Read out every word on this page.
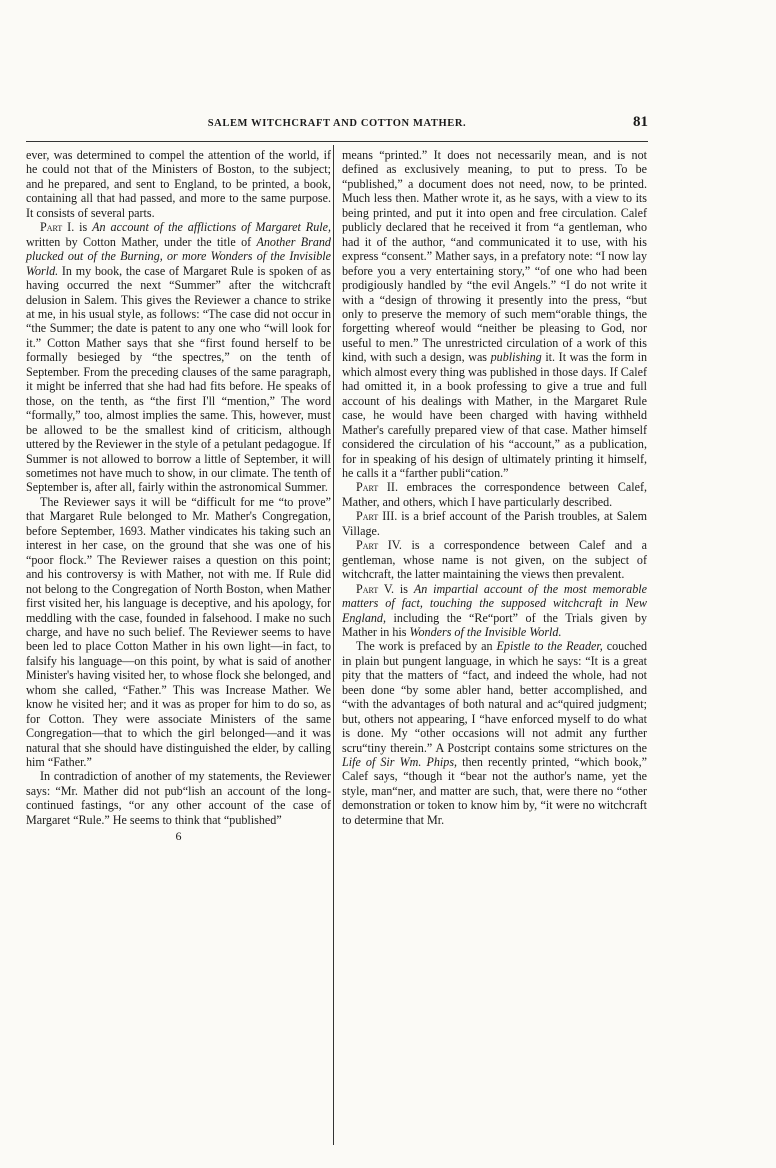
SALEM WITCHCRAFT AND COTTON MATHER.	81

ever, was determined to compel the attention of the world, if he could not that of the Ministers of Boston, to the subject; and he prepared, and sent to England, to be printed, a book, containing all that had passed, and more to the same purpose. It consists of several parts.

Part I. is An account of the afflictions of Margaret Rule, written by Cotton Mather, under the title of Another Brand plucked out of the Burning, or more Wonders of the Invisible World. In my book, the case of Margaret Rule is spoken of as having occurred the next “Summer” after the witchcraft delusion in Salem. This gives the Reviewer a chance to strike at me, in his usual style, as follows: “The case did not occur in “the Summer; the date is patent to any one who “will look for it.” Cotton Mather says that she “first found herself to be formally besieged by “the spectres,” on the tenth of September. From the preceding clauses of the same paragraph, it might be inferred that she had had fits before. He speaks of those, on the tenth, as “the first I'll “mention,” The word “formally,” too, almost implies the same. This, however, must be allowed to be the smallest kind of criticism, although uttered by the Reviewer in the style of a petulant pedagogue. If Summer is not allowed to borrow a little of September, it will sometimes not have much to show, in our climate. The tenth of September is, after all, fairly within the astronomical Summer.

The Reviewer says it will be “difficult for me “to prove” that Margaret Rule belonged to Mr. Mather's Congregation, before September, 1693. Mather vindicates his taking such an interest in her case, on the ground that she was one of his “poor flock.” The Reviewer raises a question on this point; and his controversy is with Mather, not with me. If Rule did not belong to the Congregation of North Boston, when Mather first visited her, his language is deceptive, and his apology, for meddling with the case, founded in falsehood. I make no such charge, and have no such belief. The Reviewer seems to have been led to place Cotton Mather in his own light—in fact, to falsify his language—on this point, by what is said of another Minister's having visited her, to whose flock she belonged, and whom she called, “Father.” This was Increase Mather. We know he visited her; and it was as proper for him to do so, as for Cotton. They were associate Ministers of the same Congregation—that to which the girl belonged—and it was natural that she should have distinguished the elder, by calling him “Father.”

In contradiction of another of my statements, the Reviewer says: “Mr. Mather did not pub“lish an account of the long-continued fastings, “or any other account of the case of Margaret “Rule.” He seems to think that “published”

6

means “printed.” It does not necessarily mean, and is not defined as exclusively meaning, to put to press. To be “published,” a document does not need, now, to be printed. Much less then. Mather wrote it, as he says, with a view to its being printed, and put it into open and free circulation. Calef publicly declared that he received it from “a gentleman, who had it of the author, “and communicated it to use, with his express “consent.” Mather says, in a prefatory note: “I now lay before you a very entertaining story,” “of one who had been prodigiously handled by “the evil Angels.” “I do not write it with a “design of throwing it presently into the press, “but only to preserve the memory of such mem“orable things, the forgetting whereof would “neither be pleasing to God, nor useful to men.” The unrestricted circulation of a work of this kind, with such a design, was publishing it. It was the form in which almost every thing was published in those days. If Calef had omitted it, in a book professing to give a true and full account of his dealings with Mather, in the Margaret Rule case, he would have been charged with having withheld Mather's carefully prepared view of that case. Mather himself considered the circulation of his “account,” as a publication, for in speaking of his design of ultimately printing it himself, he calls it a “farther publi“cation.”

Part II. embraces the correspondence between Calef, Mather, and others, which I have particularly described.

Part III. is a brief account of the Parish troubles, at Salem Village.

Part IV. is a correspondence between Calef and a gentleman, whose name is not given, on the subject of witchcraft, the latter maintaining the views then prevalent.

Part V. is An impartial account of the most memorable matters of fact, touching the supposed witchcraft in New England, including the “Re“port” of the Trials given by Mather in his Wonders of the Invisible World.

The work is prefaced by an Epistle to the Reader, couched in plain but pungent language, in which he says: “It is a great pity that the matters of “fact, and indeed the whole, had not been done “by some abler hand, better accomplished, and “with the advantages of both natural and ac“quired judgment; but, others not appearing, I “have enforced myself to do what is done. My “other occasions will not admit any further scru“tiny therein.” A Postcript contains some strictures on the Life of Sir Wm. Phips, then recently printed, “which book,” Calef says, “though it “bear not the author's name, yet the style, man“ner, and matter are such, that, were there no “other demonstration or token to know him by, “it were no witchcraft to determine that Mr.
